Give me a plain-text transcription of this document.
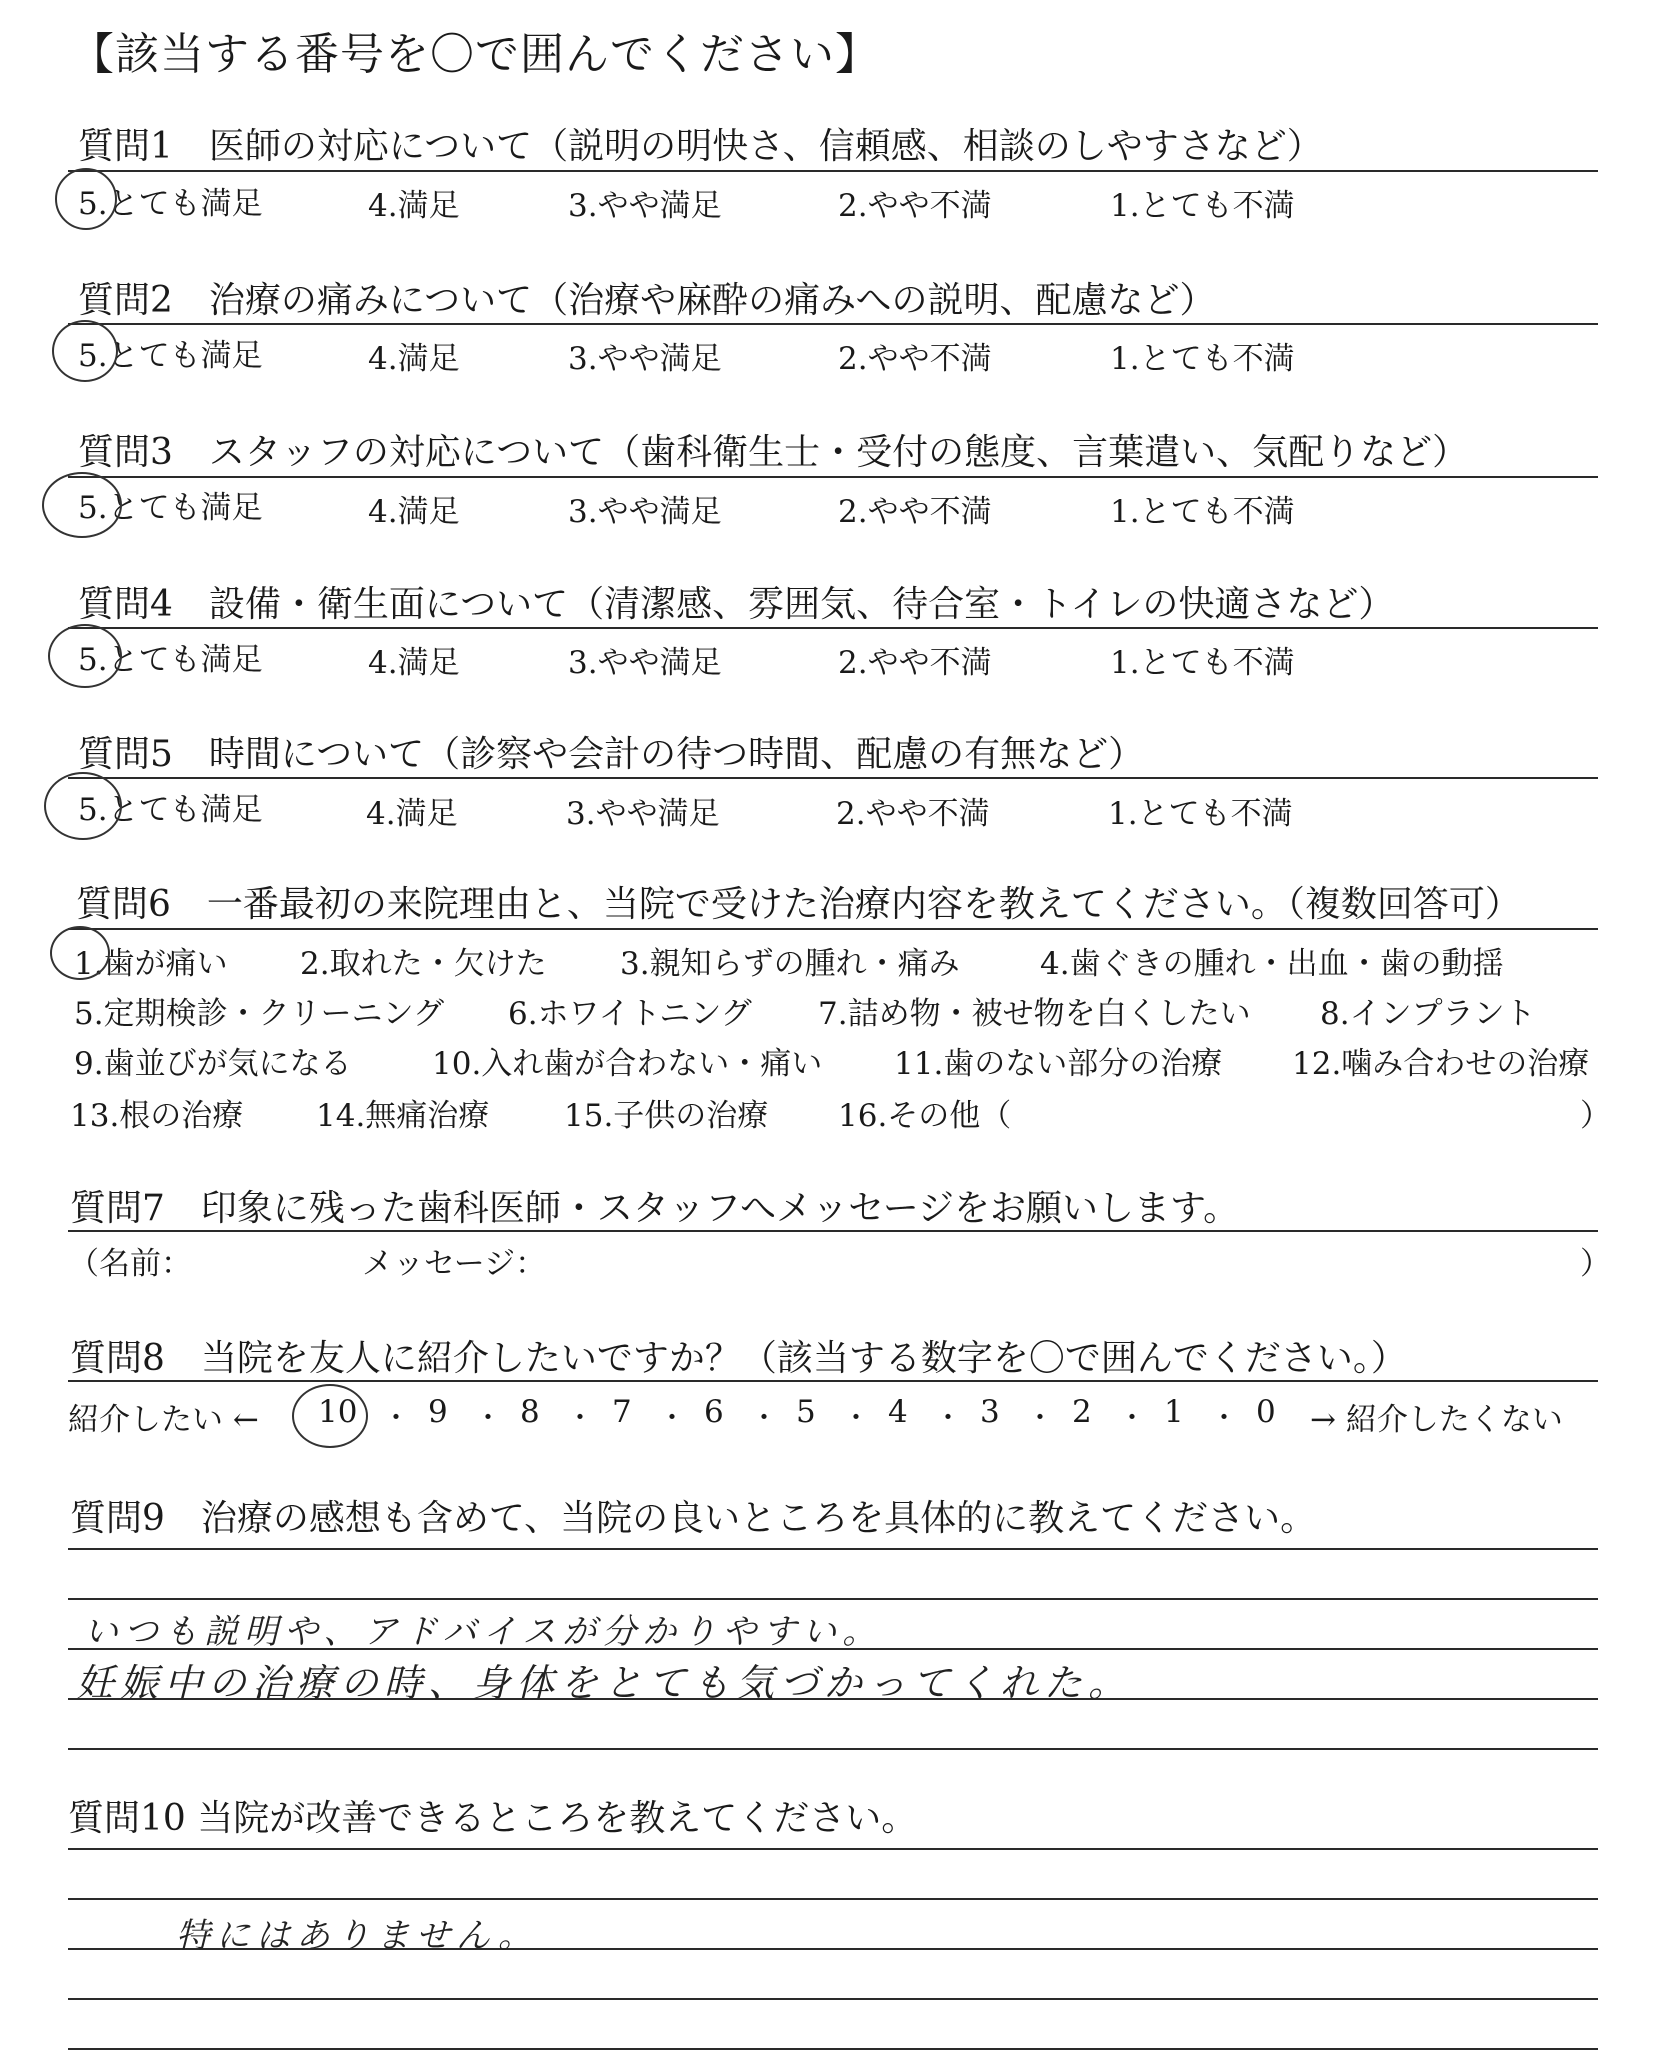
【該当する番号を〇で囲んでください】
質問1　医師の対応について（説明の明快さ、信頼感、相談のしやすさなど）
5.とても満足	4.満足	3.やや満足	2.やや不満	1.とても不満
質問2　治療の痛みについて（治療や麻酔の痛みへの説明、配慮など）
5.とても満足	4.満足	3.やや満足	2.やや不満	1.とても不満
質問3　スタッフの対応について（歯科衛生士・受付の態度、言葉遣い、気配りなど）
5.とても満足	4.満足	3.やや満足	2.やや不満	1.とても不満
質問4　設備・衛生面について（清潔感、雰囲気、待合室・トイレの快適さなど）
5.とても満足	4.満足	3.やや満足	2.やや不満	1.とても不満
質問5　時間について（診察や会計の待つ時間、配慮の有無など）
5.とても満足	4.満足	3.やや満足	2.やや不満	1.とても不満
質問6　一番最初の来院理由と、当院で受けた治療内容を教えてください。（複数回答可）
1.歯が痛い 2.取れた・欠けた 3.親知らずの腫れ・痛み	4.歯ぐきの腫れ・出血・歯の動揺
5.定期検診・クリーニング 6.ホワイトニング 7.詰め物・被せ物を白くしたい 8.インプラント
9.歯並びが気になる	10.入れ歯が合わない・痛い 11.歯のない部分の治療 12.噛み合わせの治療
13.根の治療 14.無痛治療 15.子供の治療 16.その他（	）
質問7　印象に残った歯科医師・スタッフへメッセージをお願いします。
（名前：	メッセージ：	）
質問8　当院を友人に紹介したいですか？（該当する数字を〇で囲んでください。）
紹介したい ← 10 ・ 9 ・ 8 ・ 7 ・ 6 ・ 5 ・ 4 ・ 3 ・ 2 ・ 1 ・ 0 → 紹介したくない
質問9　治療の感想も含めて、当院の良いところを具体的に教えてください。
いつも説明や、アドバイスが分かりやすい。
妊娠中の治療の時、身体をとても気づかってくれた。
質問10 当院が改善できるところを教えてください。
特にはありません。
